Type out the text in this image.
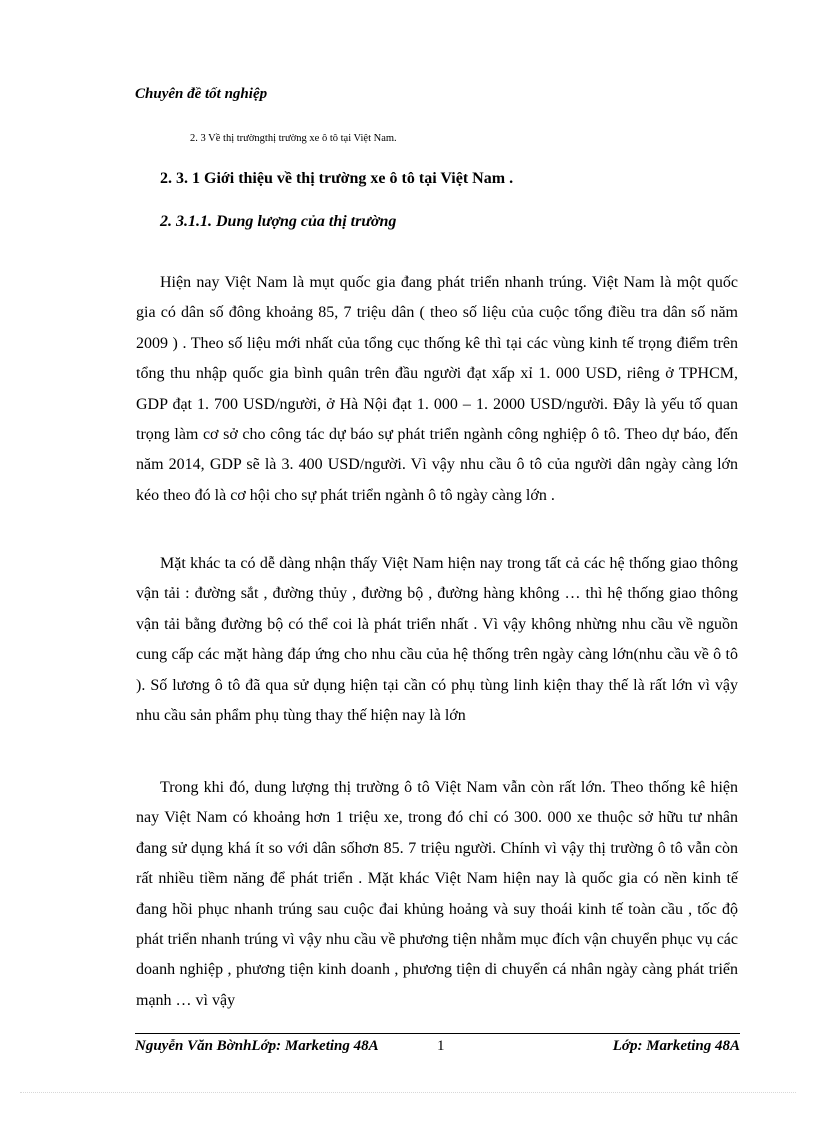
Chuyên đề tốt nghiệp
2. 3 Về thị trườngthị trường xe ô tô tại Việt Nam.
2. 3. 1 Giới thiệu về thị trường xe ô tô tại Việt Nam .
2. 3.1.1. Dung lượng của thị trường

Hiện nay Việt Nam là mụt quốc gia đang phát triển nhanh trúng. Việt Nam là một quốc gia có dân số đông khoảng 85, 7 triệu dân ( theo số liệu của cuộc tổng điều tra dân số năm 2009 ) . Theo số liệu mới nhất của tổng cục thống kê thì tại các vùng kinh tế trọng điểm trên tổng thu nhập quốc gia bình quân trên đầu người đạt xấp xỉ 1. 000 USD, riêng ở TPHCM, GDP đạt 1. 700 USD/người, ở Hà Nội đạt 1. 000 – 1. 2000 USD/người. Đây là yếu tố quan trọng làm cơ sở cho công tác dự báo sự phát triển ngành công nghiệp ô tô. Theo dự báo, đến năm 2014, GDP sẽ là 3. 400 USD/người. Vì vậy nhu cầu ô tô của người dân ngày càng lớn kéo theo đó là cơ hội cho sự phát triển ngành ô tô ngày càng lớn .

Mặt khác ta có dễ dàng nhận thấy Việt Nam hiện nay trong tất cả các hệ thống giao thông vận tải : đường sắt , đường thủy , đường bộ , đường hàng không … thì hệ thống giao thông vận tải bằng đường bộ có thể coi là phát triển nhất . Vì vậy không nhừng nhu cầu về nguồn cung cấp các mặt hàng đáp ứng cho nhu cầu của hệ thống trên ngày càng lớn(nhu cầu về ô tô ). Số lương ô tô đã qua sử dụng hiện tại cần có phụ tùng linh kiện thay thế là rất lớn vì vậy nhu cầu sản phẩm phụ tùng thay thế hiện nay là lớn

Trong khi đó, dung lượng thị trường ô tô Việt Nam vẫn còn rất lớn. Theo thống kê hiện nay Việt Nam có khoảng hơn 1 triệu xe, trong đó chỉ có 300. 000 xe thuộc sở hữu tư nhân đang sử dụng khá ít so với dân sốhơn 85. 7 triệu người. Chính vì vậy thị trường ô tô vẫn còn rất nhiều tiềm năng để phát triển . Mặt khác Việt Nam hiện nay là quốc gia có nền kinh tế đang hồi phục nhanh trúng sau cuộc đai khủng hoảng và suy thoái kinh tế toàn cầu , tốc độ phát triển nhanh trúng vì vậy nhu cầu về phương tiện nhằm mục đích vận chuyển phục vụ các doanh nghiệp , phương tiện kinh doanh , phương tiện di chuyển cá nhân ngày càng phát triển mạnh … vì vậy

Nguyễn Văn BờnhLớp: Marketing 48A	1	Lớp: Marketing 48A
